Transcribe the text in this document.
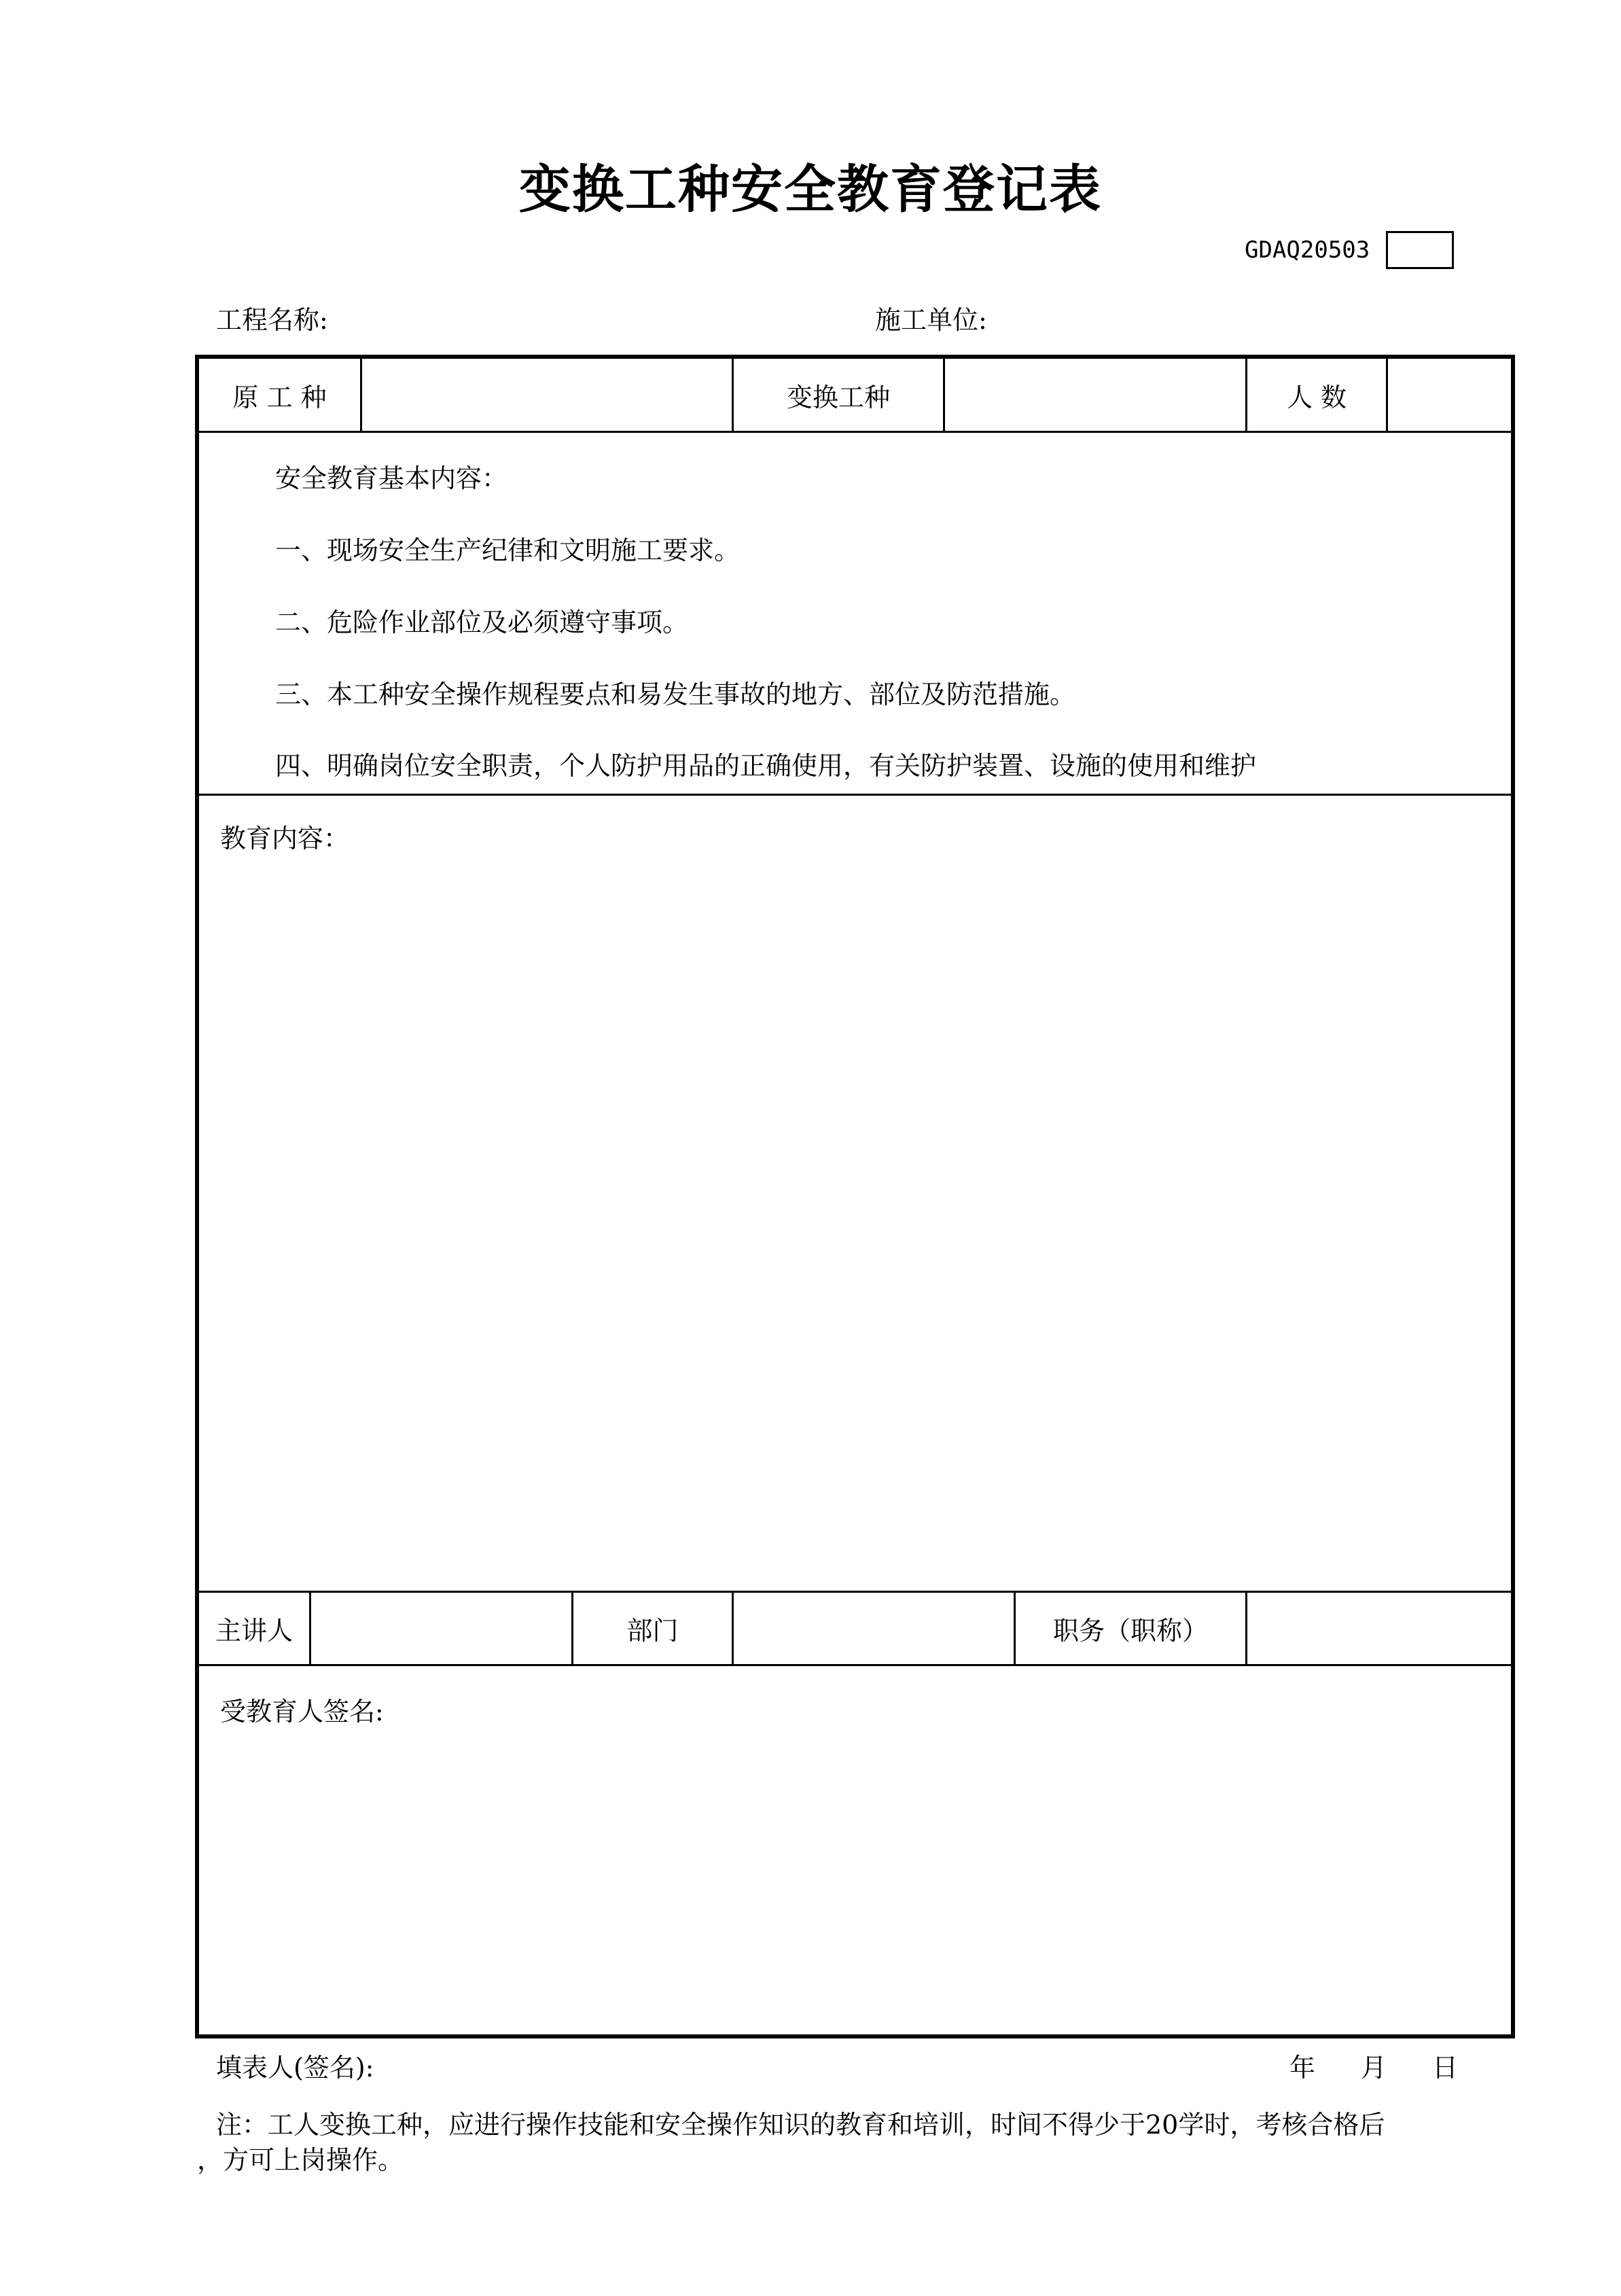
变换工种安全教育登记表
GDAQ20503
工程名称:	施工单位:
原 工 种	变换工种	人 数
安全教育基本内容：
一、现场安全生产纪律和文明施工要求。
二、危险作业部位及必须遵守事项。
三、本工种安全操作规程要点和易发生事故的地方、部位及防范措施。
四、明确岗位安全职责，个人防护用品的正确使用，有关防护装置、设施的使用和维护
教育内容：
主讲人	部门	职务（职称）
受教育人签名:
填表人(签名):	年 月 日
注：工人变换工种，应进行操作技能和安全操作知识的教育和培训，时间不得少于20学时，考核合格后
，方可上岗操作。
